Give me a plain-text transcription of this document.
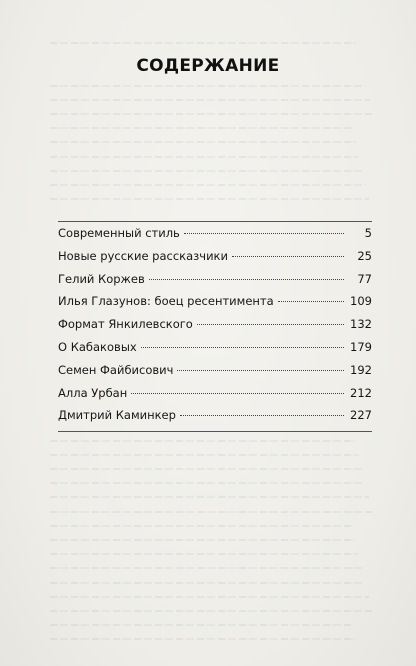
СОДЕРЖАНИЕ
Современный стиль	5
Новые русские рассказчики	25
Гелий Коржев	77
Илья Глазунов: боец ресентимента	109
Формат Янкилевского	132
О Кабаковых	179
Семен Файбисович	192
Алла Урбан	212
Дмитрий Каминкер	227
